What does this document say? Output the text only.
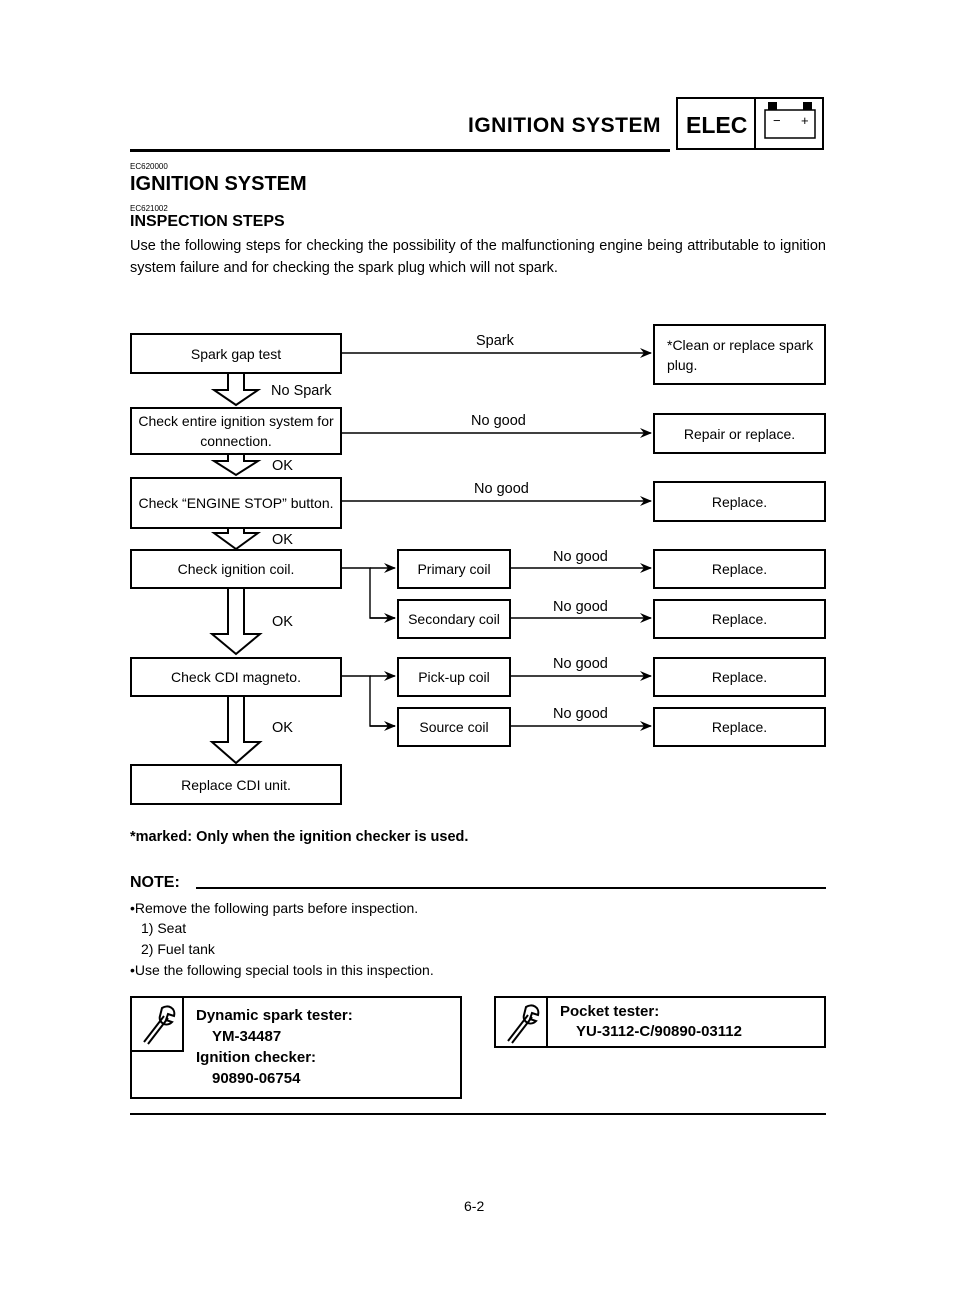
IGNITION SYSTEM ELEC − +
EC620000
IGNITION SYSTEM
EC621002
INSPECTION STEPS
Use the following steps for checking the possibility of the malfunctioning engine being attributable to ignition system failure and for checking the spark plug which will not spark.
Spark gap test
*Clean or replace spark plug.
Check entire ignition system for connection.	Repair or replace.
Check “ENGINE STOP” button.	Replace.
Check ignition coil.	Primary coil	Replace.
Secondary coil	Replace.
Check CDI magneto.	Pick-up coil	Replace.
Source coil	Replace.
Replace CDI unit.
Spark
No Spark
No good
OK
No good
OK
No good
No good
OK
No good
No good
OK
*marked: Only when the ignition checker is used.
NOTE:
•Remove the following parts before inspection.
1) Seat
2) Fuel tank
•Use the following special tools in this inspection.
Dynamic spark tester:
YM-34487
Ignition checker:
90890-06754
Pocket tester:
YU-3112-C/90890-03112
6-2
